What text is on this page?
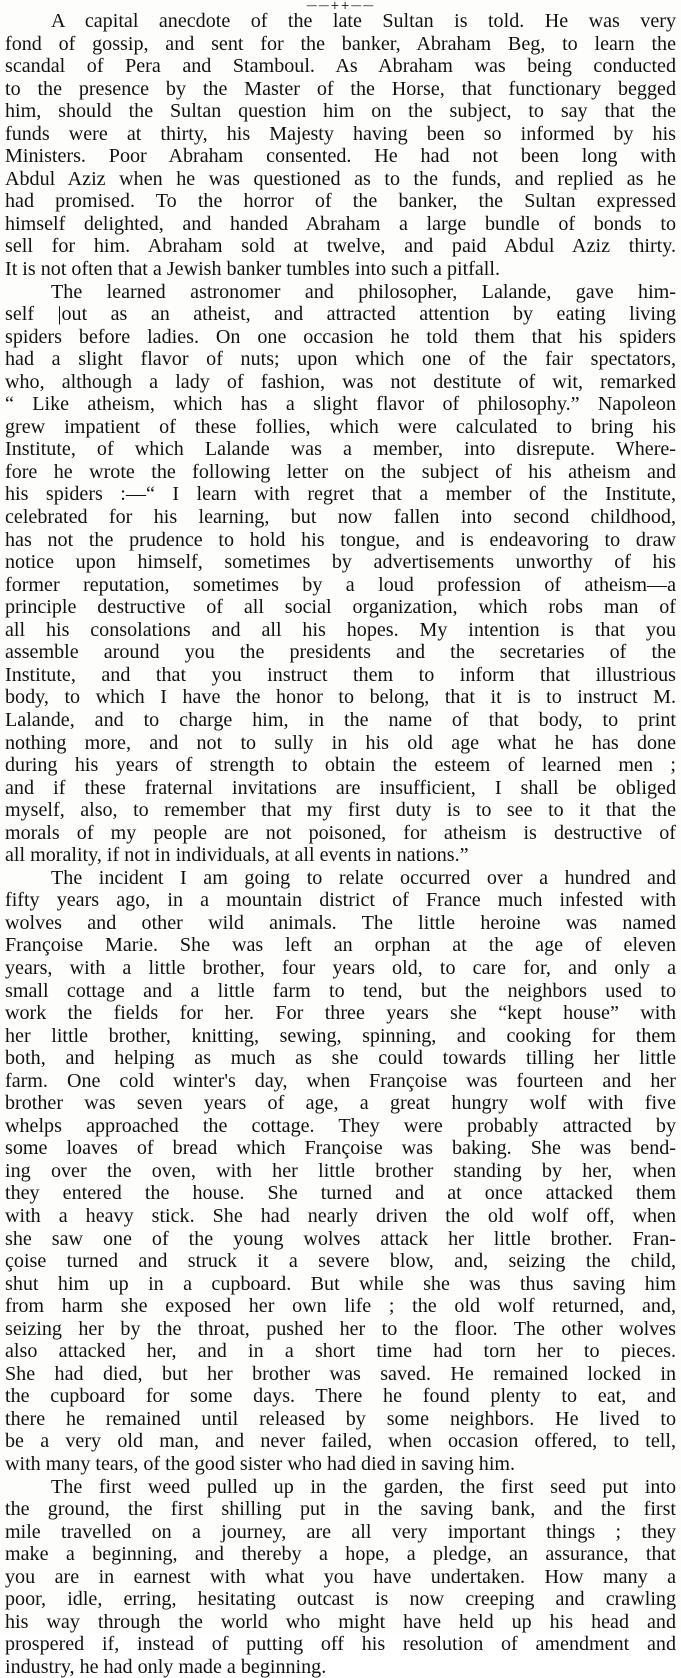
——++——
A capital anecdote of the late Sultan is told. He was very
fond of gossip, and sent for the banker, Abraham Beg, to learn the
scandal of Pera and Stamboul. As Abraham was being conducted
to the presence by the Master of the Horse, that functionary begged
him, should the Sultan question him on the subject, to say that the
funds were at thirty, his Majesty having been so informed by his
Ministers. Poor Abraham consented. He had not been long with
Abdul Aziz when he was questioned as to the funds, and replied as he
had promised. To the horror of the banker, the Sultan expressed
himself delighted, and handed Abraham a large bundle of bonds to
sell for him. Abraham sold at twelve, and paid Abdul Aziz thirty.
It is not often that a Jewish banker tumbles into such a pitfall.
The learned astronomer and philosopher, Lalande, gave him-
self |out as an atheist, and attracted attention by eating living
spiders before ladies. On one occasion he told them that his spiders
had a slight flavor of nuts; upon which one of the fair spectators,
who, although a lady of fashion, was not destitute of wit, remarked
“ Like atheism, which has a slight flavor of philosophy.” Napoleon
grew impatient of these follies, which were calculated to bring his
Institute, of which Lalande was a member, into disrepute. Where-
fore he wrote the following letter on the subject of his atheism and
his spiders :—“ I learn with regret that a member of the Institute,
celebrated for his learning, but now fallen into second childhood,
has not the prudence to hold his tongue, and is endeavoring to draw
notice upon himself, sometimes by advertisements unworthy of his
former reputation, sometimes by a loud profession of atheism—a
principle destructive of all social organization, which robs man of
all his consolations and all his hopes. My intention is that you
assemble around you the presidents and the secretaries of the
Institute, and that you instruct them to inform that illustrious
body, to which I have the honor to belong, that it is to instruct M.
Lalande, and to charge him, in the name of that body, to print
nothing more, and not to sully in his old age what he has done
during his years of strength to obtain the esteem of learned men ;
and if these fraternal invitations are insufficient, I shall be obliged
myself, also, to remember that my first duty is to see to it that the
morals of my people are not poisoned, for atheism is destructive of
all morality, if not in individuals, at all events in nations.”
The incident I am going to relate occurred over a hundred and
fifty years ago, in a mountain district of France much infested with
wolves and other wild animals. The little heroine was named
Françoise Marie. She was left an orphan at the age of eleven
years, with a little brother, four years old, to care for, and only a
small cottage and a little farm to tend, but the neighbors used to
work the fields for her. For three years she “kept house” with
her little brother, knitting, sewing, spinning, and cooking for them
both, and helping as much as she could towards tilling her little
farm. One cold winter's day, when Françoise was fourteen and her
brother was seven years of age, a great hungry wolf with five
whelps approached the cottage. They were probably attracted by
some loaves of bread which Françoise was baking. She was bend-
ing over the oven, with her little brother standing by her, when
they entered the house. She turned and at once attacked them
with a heavy stick. She had nearly driven the old wolf off, when
she saw one of the young wolves attack her little brother. Fran-
çoise turned and struck it a severe blow, and, seizing the child,
shut him up in a cupboard. But while she was thus saving him
from harm she exposed her own life ; the old wolf returned, and,
seizing her by the throat, pushed her to the floor. The other wolves
also attacked her, and in a short time had torn her to pieces.
She had died, but her brother was saved. He remained locked in
the cupboard for some days. There he found plenty to eat, and
there he remained until released by some neighbors. He lived to
be a very old man, and never failed, when occasion offered, to tell,
with many tears, of the good sister who had died in saving him.
The first weed pulled up in the garden, the first seed put into
the ground, the first shilling put in the saving bank, and the first
mile travelled on a journey, are all very important things ; they
make a beginning, and thereby a hope, a pledge, an assurance, that
you are in earnest with what you have undertaken. How many a
poor, idle, erring, hesitating outcast is now creeping and crawling
his way through the world who might have held up his head and
prospered if, instead of putting off his resolution of amendment and
industry, he had only made a beginning.
